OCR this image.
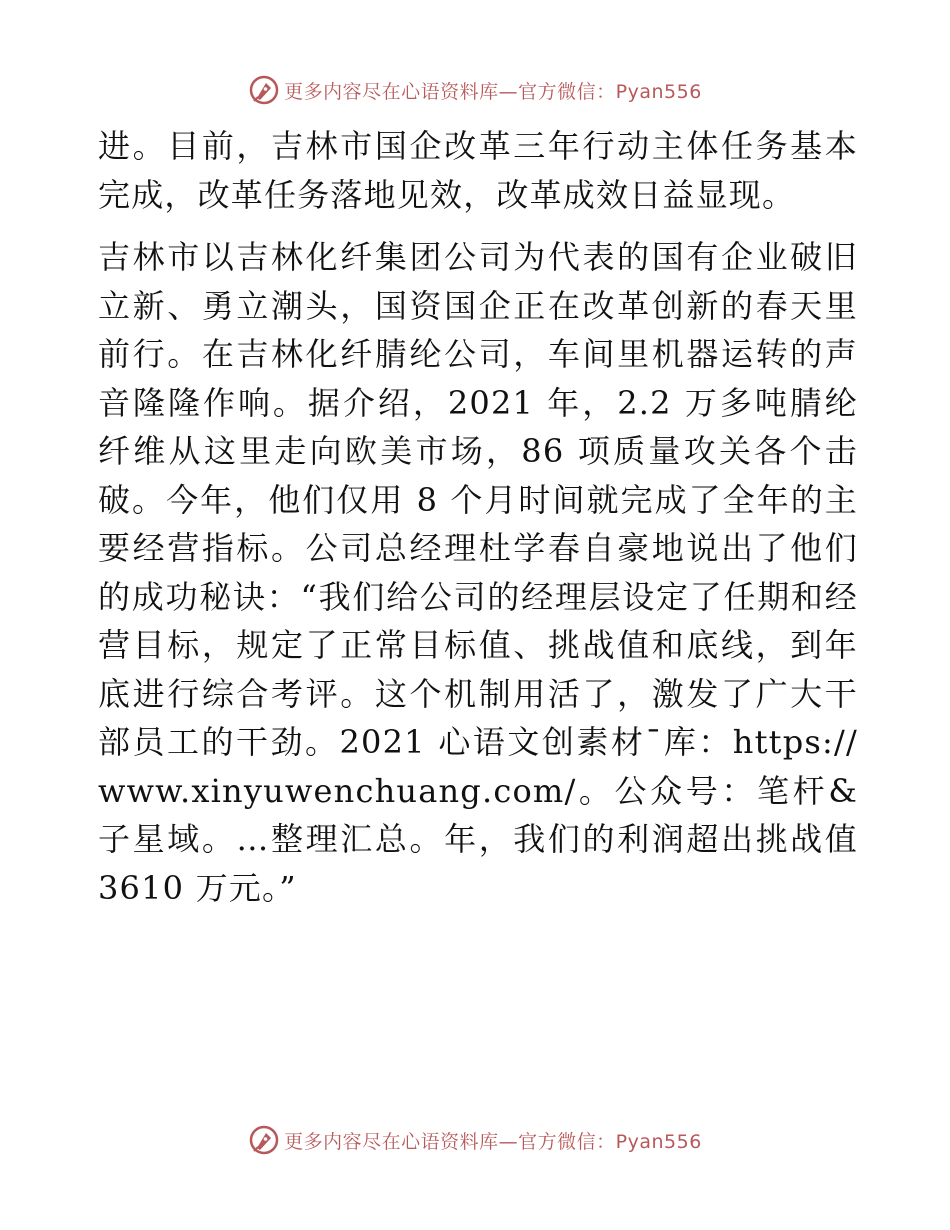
更多内容尽在心语资料库—官方微信：Pyan556

进。目前，吉林市国企改革三年行动主体任务基本完成，改革任务落地见效，改革成效日益显现。

吉林市以吉林化纤集团公司为代表的国有企业破旧立新、勇立潮头，国资国企正在改革创新的春天里前行。在吉林化纤腈纶公司，车间里机器运转的声音隆隆作响。据介绍，2021 年，2.2 万多吨腈纶纤维从这里走向欧美市场，86 项质量攻关各个击破。今年，他们仅用 8 个月时间就完成了全年的主要经营指标。公司总经理杜学春自豪地说出了他们的成功秘诀：“我们给公司的经理层设定了任期和经营目标，规定了正常目标值、挑战值和底线，到年底进行综合考评。这个机制用活了，激发了广大干部员工的干劲。2021 心语文创素材¯库：https://www.xinyuwenchuang.com/。公众号：笔杆&子星域。…整理汇总。年，我们的利润超出挑战值 3610 万元。”

更多内容尽在心语资料库—官方微信：Pyan556
